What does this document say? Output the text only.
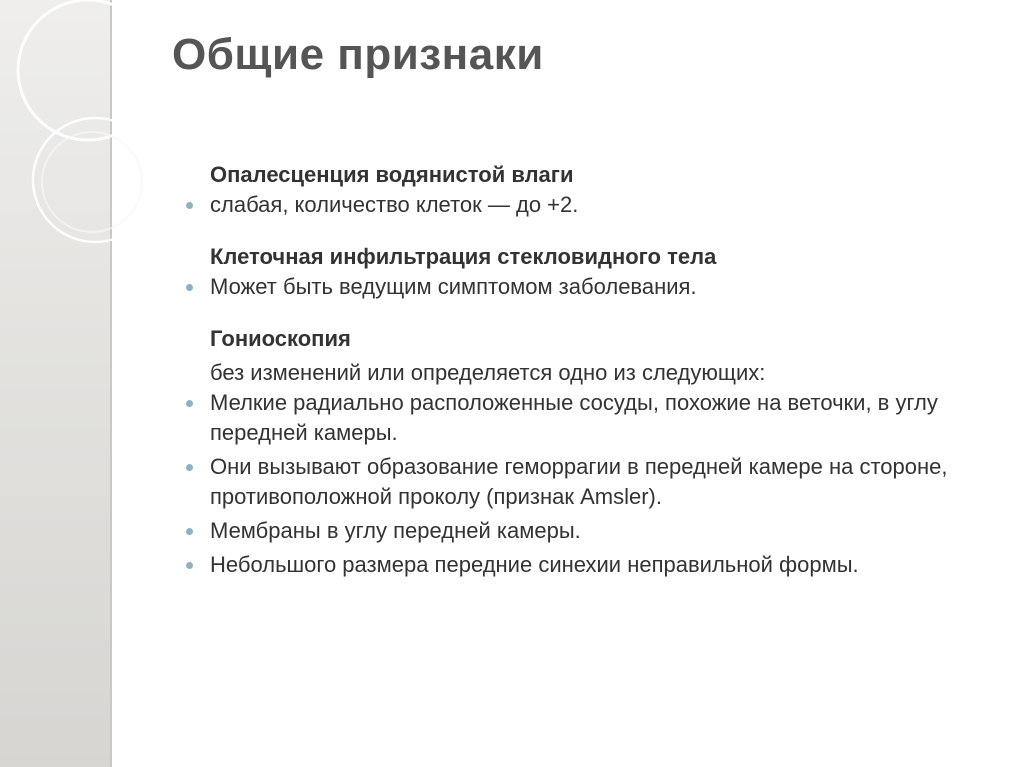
Общие признаки
Опалесценция водянистой влаги
слабая, количество клеток — до +2.
Клеточная инфильтрация стекловидного тела
Может быть ведущим симптомом заболевания.
Гониоскопия
без изменений или определяется одно из следующих:
Мелкие радиально расположенные сосуды, похожие на веточки, в углу передней камеры.
Они вызывают образование геморрагии в передней камере на стороне, противоположной проколу (признак Amsler).
Мембраны в углу передней камеры.
Небольшого размера передние синехии неправильной формы.
